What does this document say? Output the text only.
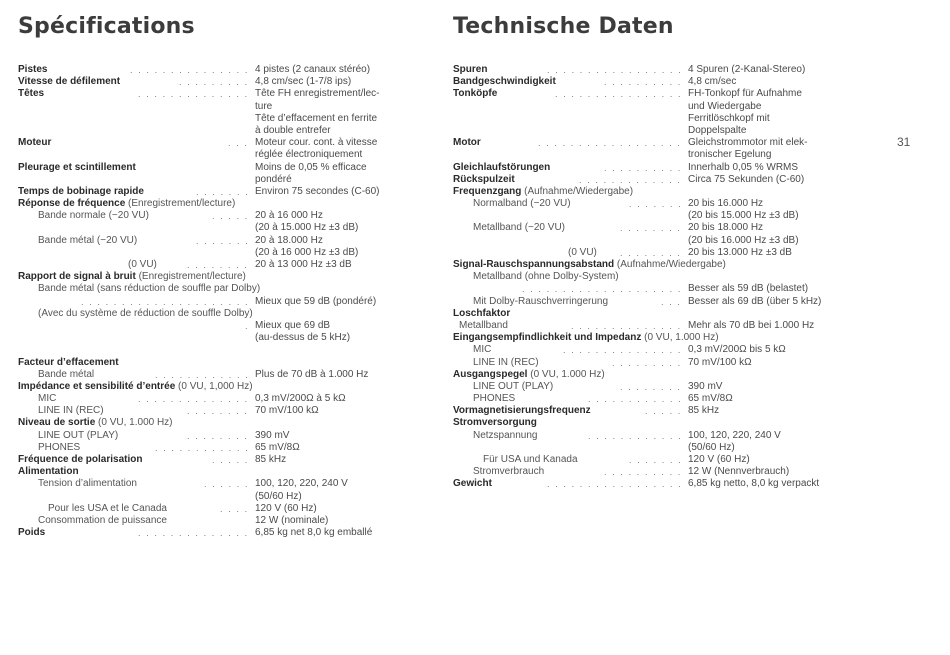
Spécifications
Pistes	. . . . . . . . . . . . . . . 4 pistes (2 canaux stéréo)
Vitesse de défilement	. . . . . . . . . 4,8 cm/sec (1-7/8 ips)
Têtes	. . . . . . . . . . . . . . Tête FH enregistrement/lec-
ture
Tête d’effacement en ferrite
à double entrefer
Moteur	. . . Moteur cour. cont. à vitesse
réglée électroniquement
Pleurage et scintillement	Moins de 0,05 % efficace
pondéré
Temps de bobinage rapide	. . . . . . . Environ 75 secondes (C-60)
Réponse de fréquence (Enregistrement/lecture)
Bande normale (−20 VU)	. . . . . 20 à 16 000 Hz
(20 à 15.000 Hz ±3 dB)
Bande métal (−20 VU)	. . . . . . . 20 à 18.000 Hz
(20 à 16 000 Hz ±3 dB)
(0 VU)	. . . . . . . . 20 à 13 000 Hz ±3 dB
Rapport de signal à bruit (Enregistrement/lecture)
Bande métal (sans réduction de souffle par Dolby)
. . . . . . . . . . . . . . . . . . . . . Mieux que 59 dB (pondéré)
(Avec du système de réduction de souffle Dolby)
. Mieux que 69 dB
(au-dessus de 5 kHz)
Facteur d’effacement
Bande métal	. . . . . . . . . . . . Plus de 70 dB à 1.000 Hz
Impédance et sensibilité d’entrée (0 VU, 1,000 Hz)
MIC	. . . . . . . . . . . . . . 0,3 mV/200Ω à 5 kΩ
LINE IN (REC)	. . . . . . . . 70 mV/100 kΩ
Niveau de sortie (0 VU, 1.000 Hz)
LINE OUT (PLAY)	. . . . . . . . 390 mV
PHONES	. . . . . . . . . . . . 65 mV/8Ω
Fréquence de polarisation	. . . . . 85 kHz
Alimentation
Tension d’alimentation	. . . . . . 100, 120, 220, 240 V
(50/60 Hz)
Pour les USA et le Canada	. . . . 120 V (60 Hz)
Consommation de puissance	12 W (nominale)
Poids	. . . . . . . . . . . . . . 6,85 kg net 8,0 kg emballé
Technische Daten
Spuren	. . . . . . . . . . . . . . . . . 4 Spuren (2-Kanal-Stereo)
Bandgeschwindigkeit	. . . . . . . . . . 4,8 cm/sec
Tonköpfe	. . . . . . . . . . . . . . . . FH-Tonkopf für Aufnahme
und Wiedergabe
Ferritlöschkopf mit
Doppelspalte
Motor	. . . . . . . . . . . . . . . . . . Gleichstrommotor mit elek-
tronischer Egelung
Gleichlaufstörungen	. . . . . . . . . . Innerhalb 0,05 % WRMS
Rückspulzeit	. . . . . . . . . . . . . Circa 75 Sekunden (C-60)
Frequenzgang (Aufnahme/Wiedergabe)
Normalband (−20 VU)	. . . . . . . 20 bis 16.000 Hz
(20 bis 15.000 Hz ±3 dB)
Metallband (−20 VU)	. . . . . . . . 20 bis 18.000 Hz
(20 bis 16.000 Hz ±3 dB)
(0 VU)	. . . . . . . . 20 bis 13.000 Hz ±3 dB
Signal-Rauschspannungsabstand (Aufnahme/Wiedergabe)
Metallband (ohne Dolby-System)
. . . . . . . . . . . . . . . . . . . . Besser als 59 dB (belastet)
Mit Dolby-Rauschverringerung	. . . Besser als 69 dB (über 5 kHz)
Loschfaktor
Metallband	. . . . . . . . . . . . . . Mehr als 70 dB bei 1.000 Hz
Eingangsempfindlichkeit und Impedanz (0 VU, 1.000 Hz)
MIC	. . . . . . . . . . . . . . . 0,3 mV/200Ω bis 5 kΩ
LINE IN (REC)	. . . . . . . . . 70 mV/100 kΩ
Ausgangspegel (0 VU, 1.000 Hz)
LINE OUT (PLAY)	. . . . . . . . 390 mV
PHONES	. . . . . . . . . . . . 65 mV/8Ω
Vormagnetisierungsfrequenz	. . . . . 85 kHz
Stromversorgung
Netzspannung	. . . . . . . . . . . . 100, 120, 220, 240 V
(50/60 Hz)
Für USA und Kanada	. . . . . . . 120 V (60 Hz)
Stromverbrauch	. . . . . . . . . . 12 W (Nennverbrauch)
Gewicht	. . . . . . . . . . . . . . . . . 6,85 kg netto, 8,0 kg verpackt
31
